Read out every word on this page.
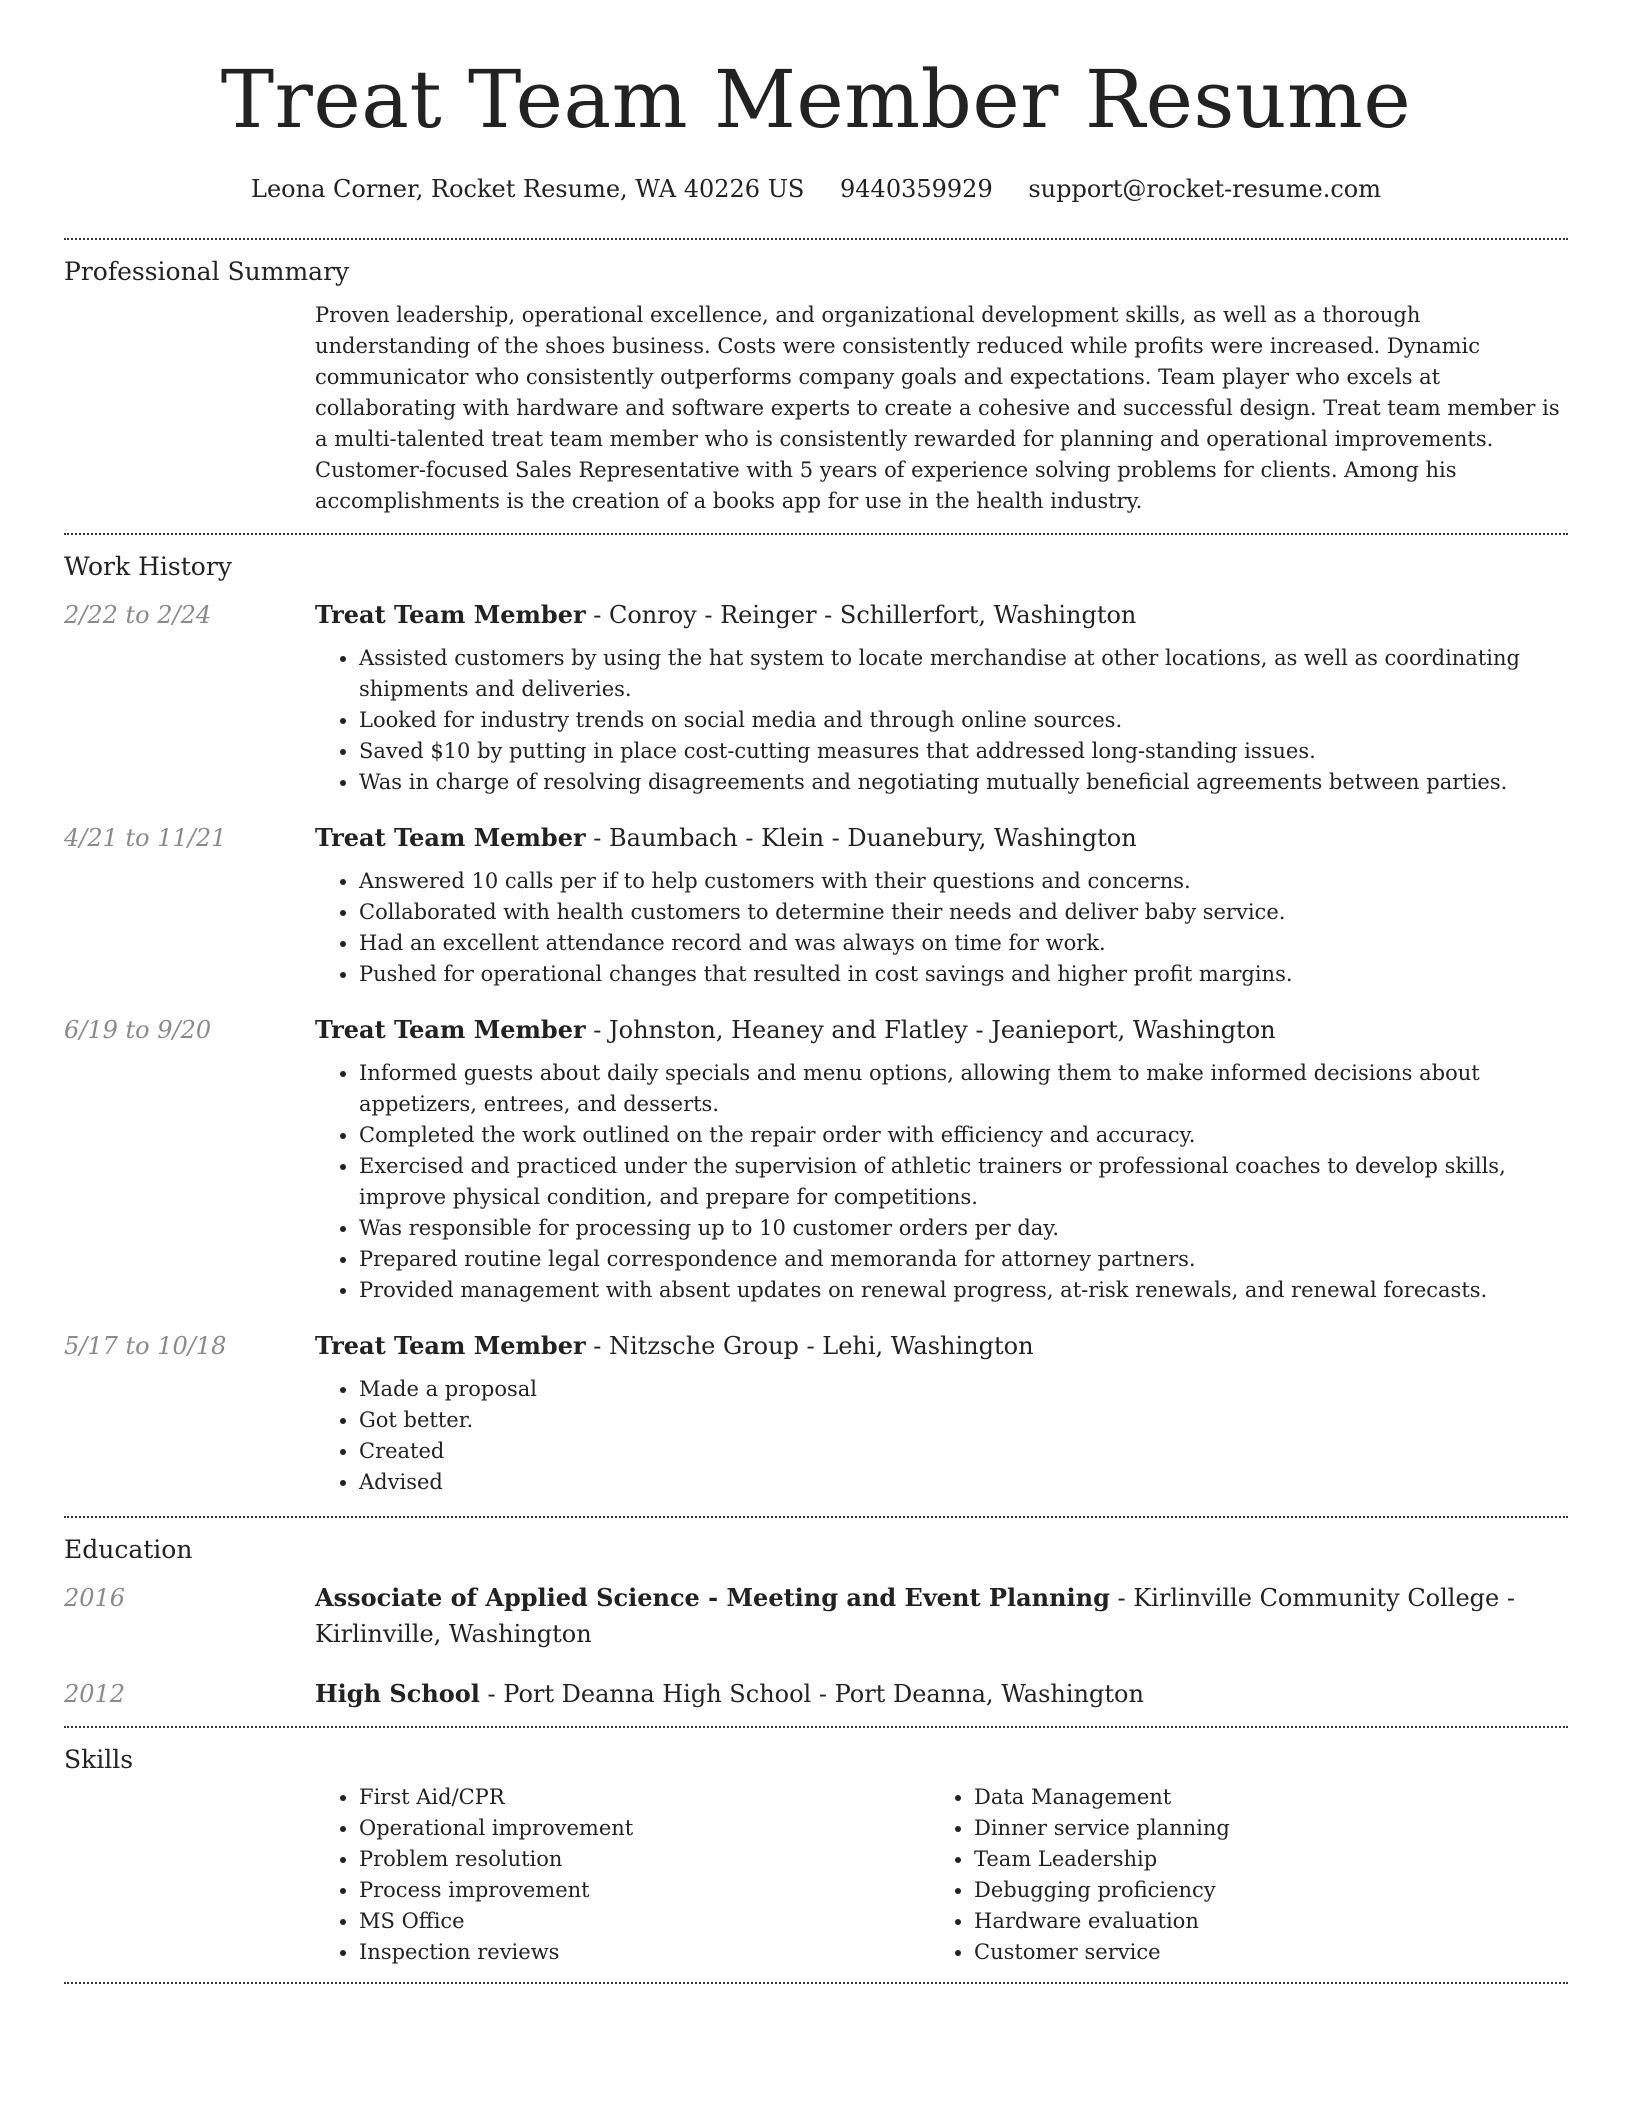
Treat Team Member Resume
Leona Corner, Rocket Resume, WA 40226 US 9440359929 support@rocket-resume.com
Professional Summary
Proven leadership, operational excellence, and organizational development skills, as well as a thorough understanding of the shoes business. Costs were consistently reduced while profits were increased. Dynamic communicator who consistently outperforms company goals and expectations. Team player who excels at collaborating with hardware and software experts to create a cohesive and successful design. Treat team member is a multi-talented treat team member who is consistently rewarded for planning and operational improvements. Customer-focused Sales Representative with 5 years of experience solving problems for clients. Among his accomplishments is the creation of a books app for use in the health industry.
Work History
2/22 to 2/24	Treat Team Member - Conroy - Reinger - Schillerfort, Washington
• Assisted customers by using the hat system to locate merchandise at other locations, as well as coordinating shipments and deliveries.
• Looked for industry trends on social media and through online sources.
• Saved $10 by putting in place cost-cutting measures that addressed long-standing issues.
• Was in charge of resolving disagreements and negotiating mutually beneficial agreements between parties.
4/21 to 11/21	Treat Team Member - Baumbach - Klein - Duanebury, Washington
• Answered 10 calls per if to help customers with their questions and concerns.
• Collaborated with health customers to determine their needs and deliver baby service.
• Had an excellent attendance record and was always on time for work.
• Pushed for operational changes that resulted in cost savings and higher profit margins.
6/19 to 9/20	Treat Team Member - Johnston, Heaney and Flatley - Jeanieport, Washington
• Informed guests about daily specials and menu options, allowing them to make informed decisions about appetizers, entrees, and desserts.
• Completed the work outlined on the repair order with efficiency and accuracy.
• Exercised and practiced under the supervision of athletic trainers or professional coaches to develop skills, improve physical condition, and prepare for competitions.
• Was responsible for processing up to 10 customer orders per day.
• Prepared routine legal correspondence and memoranda for attorney partners.
• Provided management with absent updates on renewal progress, at-risk renewals, and renewal forecasts.
5/17 to 10/18	Treat Team Member - Nitzsche Group - Lehi, Washington
• Made a proposal
• Got better.
• Created
• Advised
Education
2016	Associate of Applied Science - Meeting and Event Planning - Kirlinville Community College - Kirlinville, Washington
2012	High School - Port Deanna High School - Port Deanna, Washington
Skills
• First Aid/CPR
• Operational improvement
• Problem resolution
• Process improvement
• MS Office
• Inspection reviews
• Data Management
• Dinner service planning
• Team Leadership
• Debugging proficiency
• Hardware evaluation
• Customer service
